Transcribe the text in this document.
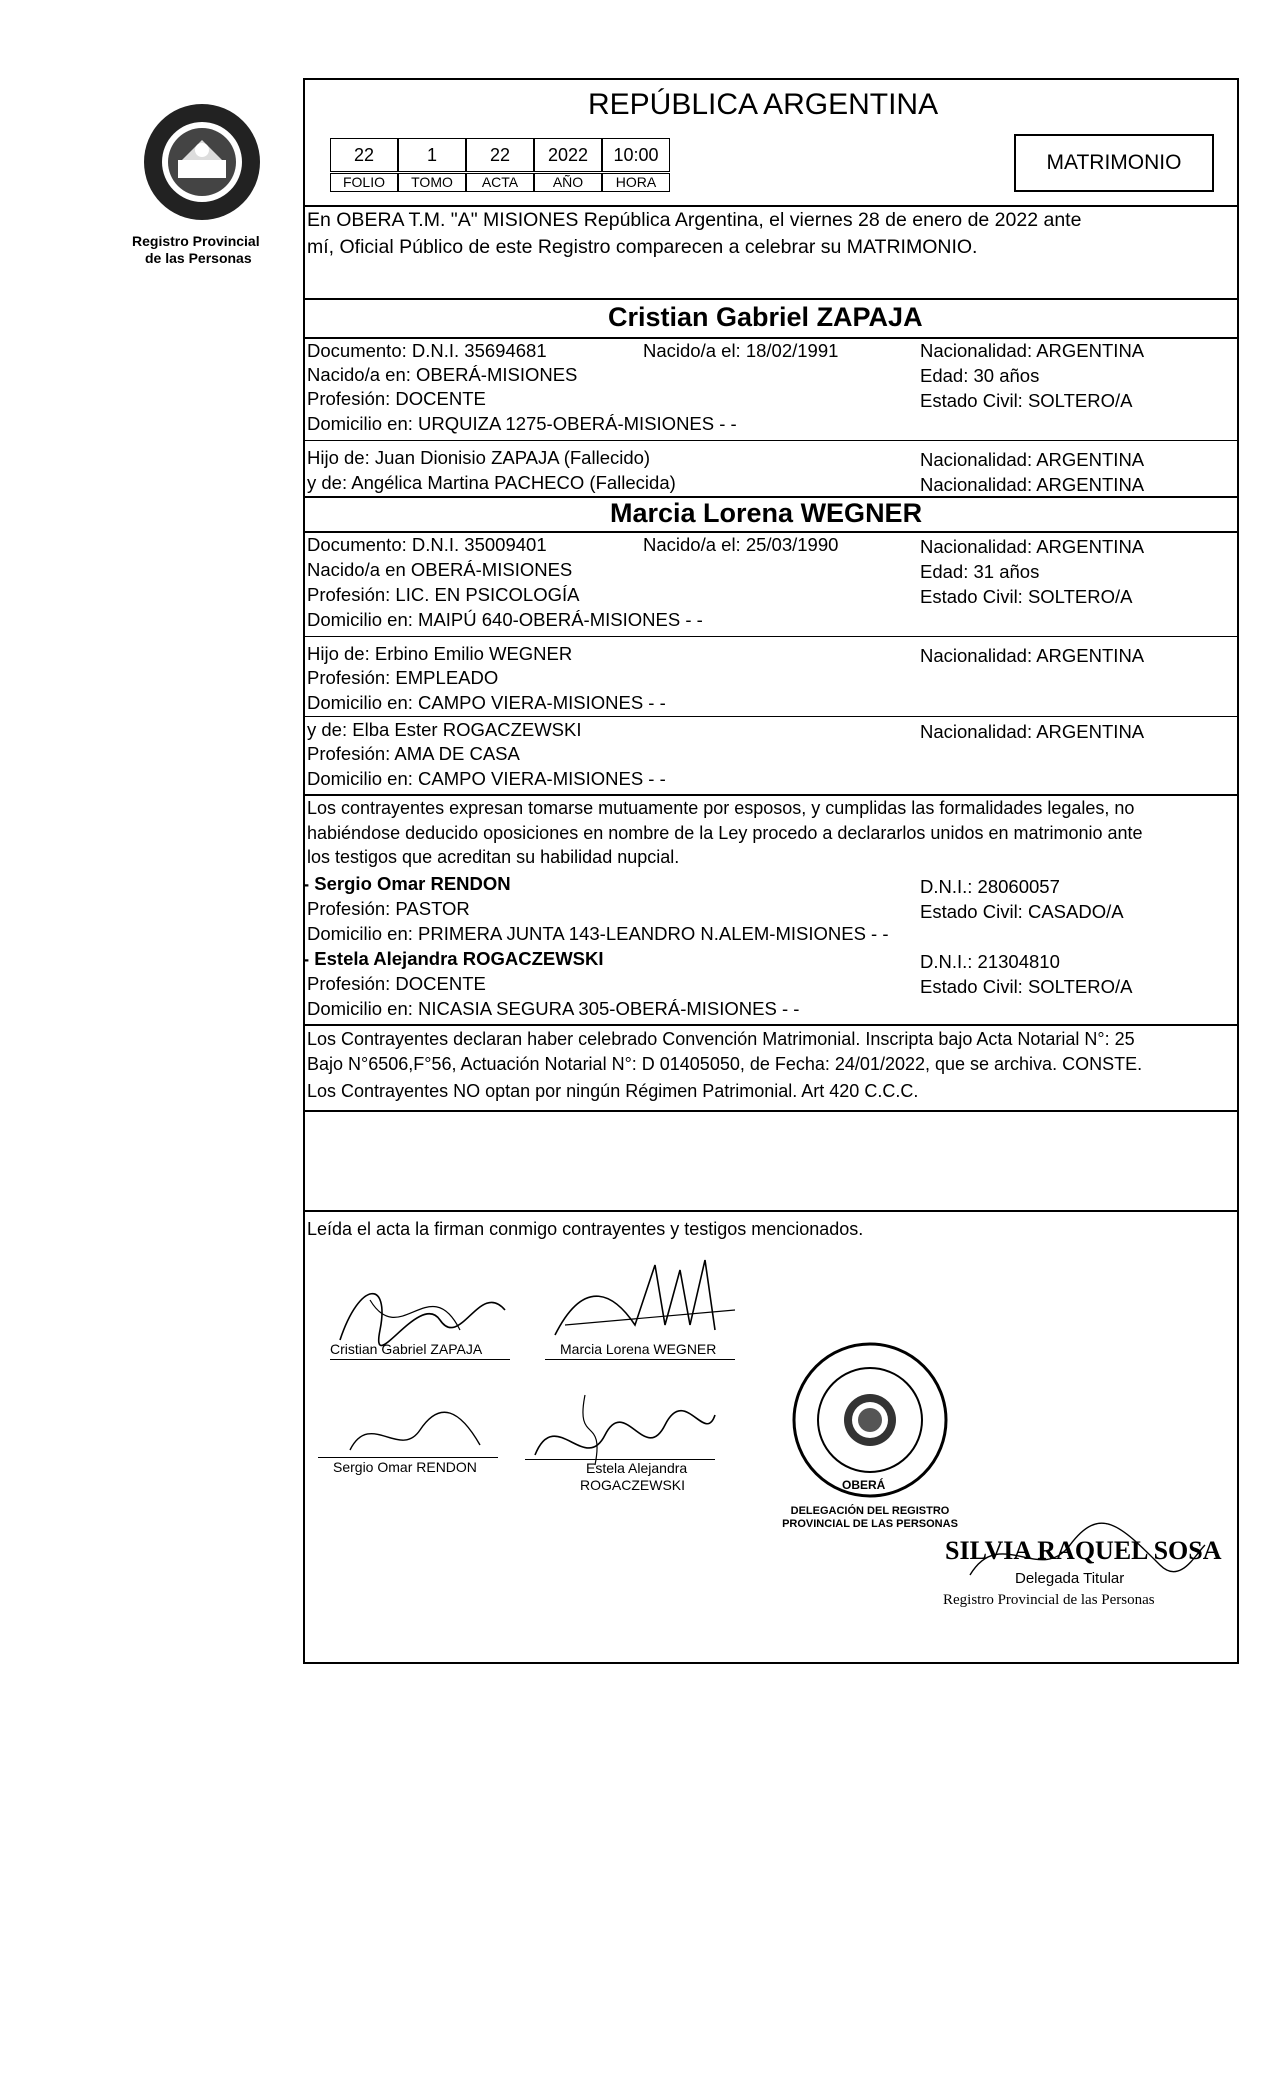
Registro Provincial
de las Personas
REPÚBLICA ARGENTINA
22	1	22	2022	10:00
FOLIO	TOMO	ACTA	AÑO	HORA
MATRIMONIO
En OBERA T.M. "A" MISIONES República Argentina, el viernes 28 de enero de 2022 ante
mí, Oficial Público de este Registro comparecen a celebrar su MATRIMONIO.
Cristian Gabriel ZAPAJA
Documento: D.N.I. 35694681	Nacido/a el: 18/02/1991	Nacionalidad: ARGENTINA
Nacido/a en: OBERÁ-MISIONES	Edad: 30 años
Profesión: DOCENTE	Estado Civil: SOLTERO/A
Domicilio en: URQUIZA 1275-OBERÁ-MISIONES - -
Hijo de: Juan Dionisio ZAPAJA (Fallecido)	Nacionalidad: ARGENTINA
y de: Angélica Martina PACHECO (Fallecida)	Nacionalidad: ARGENTINA
Marcia Lorena WEGNER
Documento: D.N.I. 35009401	Nacido/a el: 25/03/1990	Nacionalidad: ARGENTINA
Nacido/a en OBERÁ-MISIONES	Edad: 31 años
Profesión: LIC. EN PSICOLOGÍA	Estado Civil: SOLTERO/A
Domicilio en: MAIPÚ 640-OBERÁ-MISIONES - -
Hijo de: Erbino Emilio WEGNER	Nacionalidad: ARGENTINA
Profesión: EMPLEADO
Domicilio en: CAMPO VIERA-MISIONES - -
y de: Elba Ester ROGACZEWSKI	Nacionalidad: ARGENTINA
Profesión: AMA DE CASA
Domicilio en: CAMPO VIERA-MISIONES - -
Los contrayentes expresan tomarse mutuamente por esposos, y cumplidas las formalidades legales, no
habiéndose deducido oposiciones en nombre de la Ley procedo a declararlos unidos en matrimonio ante
los testigos que acreditan su habilidad nupcial.
- Sergio Omar RENDON	D.N.I.: 28060057
Profesión: PASTOR	Estado Civil: CASADO/A
Domicilio en: PRIMERA JUNTA 143-LEANDRO N.ALEM-MISIONES - -
- Estela Alejandra ROGACZEWSKI	D.N.I.: 21304810
Profesión: DOCENTE	Estado Civil: SOLTERO/A
Domicilio en: NICASIA SEGURA 305-OBERÁ-MISIONES - -
Los Contrayentes declaran haber celebrado Convención Matrimonial. Inscripta bajo Acta Notarial N°: 25
Bajo N°6506,F°56, Actuación Notarial N°: D 01405050, de Fecha: 24/01/2022, que se archiva. CONSTE.
Los Contrayentes NO optan por ningún Régimen Patrimonial. Art 420 C.C.C.
Leída el acta la firman conmigo contrayentes y testigos mencionados.
Cristian Gabriel ZAPAJA	Marcia Lorena WEGNER
Sergio Omar RENDON	Estela Alejandra
ROGACZEWSKI
DELEGACIÓN DEL REGISTRO PROVINCIAL DE LAS PERSONAS
OBERÁ
SILVIA RAQUEL SOSA
Delegada Titular
Registro Provincial de las Personas
